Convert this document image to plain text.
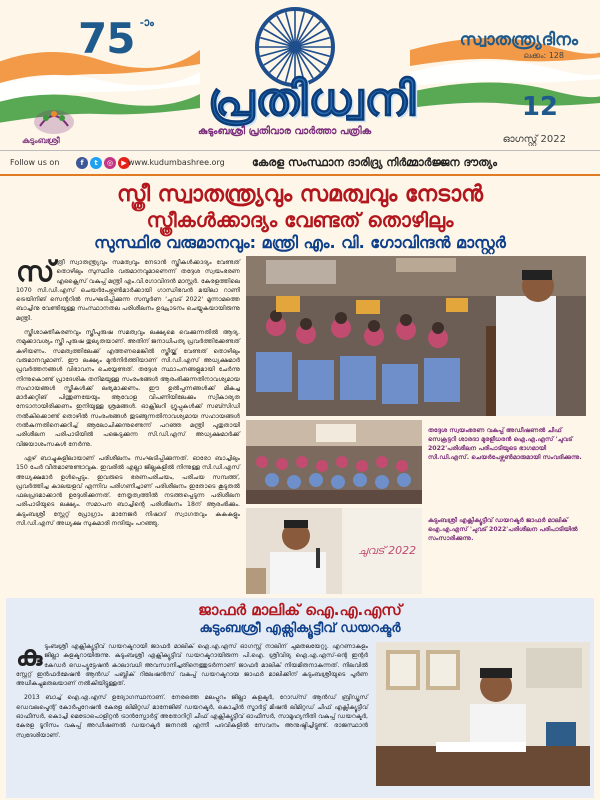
75 -ാം
സ്വാതന്ത്ര്യദിനം
ലക്കം: 128
കുടുംബശ്രീ
പ്രതിധ്വനി
കുടുംബശ്രീ പ്രതിവാര വാർത്താ പത്രിക
12
ഓഗസ്റ്റ് 2022
Follow us on	f	t	◎	▶ www.kudumbashree.org കേരള സംസ്ഥാന ദാരിദ്ര്യ നിർമ്മാർജ്ജന ദൗത്യം
സ്ത്രീ സ്വാതന്ത്ര്യവും സമത്വവും നേടാൻ
സ്ത്രീകൾക്കാദ്യം വേണ്ടത് തൊഴിലും
സുസ്ഥിര വരുമാനവും: മന്ത്രി എം. വി. ഗോവിന്ദൻ മാസ്റ്റർ

സ്ത്രീ സ്വാതന്ത്ര്യവും സമത്വവും നേടാൻ സ്ത്രീകൾക്കാദ്യം വേണ്ടത് തൊഴിലും സുസ്ഥിര വരുമാനവുമാണെന്ന് തദ്ദേശ സ്വയംഭരണ എക്സൈസ് വകുപ്പ് മന്ത്രി എം.വി.ഗോവിന്ദൻ മാസ്റ്റർ. കേരളത്തിലെ 1070 സി.ഡി.എസ് ചെയർപേഴ്സൺമാർക്കായി ഗാന്ധിഭവൻ മയിലാ റാണി ട്രെയിനിങ് സെന്ററിൽ സംഘടിപ്പിക്കുന്ന സമ്പൂർണ 'ചുവട് 2022' മൂന്നാമത്തെ ബാച്ചിനു വേണ്ടിയുള്ള സംസ്ഥാനതല പരിശീലനം ഉദ്ഘാടനം ചെയ്യുകയായിരുന്നു മന്ത്രി.

സ്ത്രീശാക്തീകരണവും സ്ത്രീപുരുഷ സമത്വവും ലക്ഷ്യമെ വെക്കുന്നതിൽ ആദ്യ. നമുക്കാവശ്യം സ്ത്രീ പുരുഷ തുല്യതയാണ്. അതിന് ജനാധിപത്യ പ്രവർത്തിക്കേണ്ടത് കഴിയണം. സമത്വത്തിലേക്ക് എത്തണമെങ്കിൽ സ്ത്രീയ്ക്ക് വേണ്ടത് തൊഴിലും വരുമാനവുമാണ്. ഈ ലക്ഷ്യം മുൻനിർത്തിയാണ് സി.ഡി.എസ് അധ്യക്ഷമാർ പ്രവർത്തനങ്ങൾ വിഭാവനം ചെയ്യേണ്ടത്. തദ്ദേശ സ്ഥാപനങ്ങളുമായി ചേർന്നു നിന്നുകൊണ്ട് പ്രാദേശിക തനിമയുള്ള സംരംഭങ്ങൾ ആരംഭിക്കുന്നതിനാവശ്യമായ സഹായങ്ങൾ സ്ത്രീകൾക്ക് ലഭ്യമാക്കണം. ഈ ഉൽപ്പന്നങ്ങൾക്ക് മികച്ച മാർക്കറ്റിങ് പിന്തുണയേയും ആവോള വിപണിയിലേക്കും സ്വീകാര്യത നേടാനായിരിക്കണം ഇനിയുള്ള ശ്രമങ്ങൾ. ഓക്സിലറി ഗ്രൂപ്പുകൾക്ക് സബ്സിഡി നൽകിക്കൊണ്ട് തൊഴിൽ സംരംഭങ്ങൾ തുടങ്ങുന്നതിനാവശ്യമായ സഹായങ്ങൾ നൽകുന്നതിനെക്കുറിച്ച് ആലോചിക്കുന്നുണ്ടെന്ന് പറഞ്ഞ മന്ത്രി പുതുതായി പരിശീലന പരിപാടിയിൽ പങ്കെടുക്കുന്ന സി.ഡി.എസ് അധ്യക്ഷമാർക്ക് വിജയാശംസകൾ നേർന്നു.

ഏഴ് ബാച്ചുകളിലായാണ് പരിശീലനം സംഘടിപ്പിക്കുന്നത്. ഓരോ ബാച്ചിലും 150 പേർ വീതമാണുണ്ടാവുക. ഇവരിൽ എല്ലാ ജില്ലകളിൽ നിന്നുള്ള സി.ഡി.എസ് അധ്യക്ഷമാർ ഉൾപ്പെടും. ഇവരുടെ ഭരണപരിചയം, പരിചയ സമ്പത്ത്, പ്രവർത്തിച്ച കാലയളവ് എന്നിവ പരിഗണിച്ചാണ് പരിശീലനം ഇതോടെ കൂടുതൽ ഫലപ്രദമാക്കാൻ ഉദ്ദേശിക്കുന്നത്. നേതൃത്വത്തിൽ നടത്തപ്പെടുന്ന പരിശീലന പരിപാടിയുടെ ലക്ഷ്യം. സമാപന ബാച്ചിന്റെ പരിശീലനം 18ന് ആരംഭിക്കും. കുടുംബശ്രീ സ്റ്റേറ്റ് പ്രോഗ്രാം മാനേജർ നിഷാദ് സ്വാഗതവും കകകളും സി.ഡി.എസ് അധ്യക്ഷ സുകുമാരി നന്ദിയും പറഞ്ഞു.

തദ്ദേശ സ്വയംഭരണ വകുപ്പ് അഡീഷണൽ ചീഫ് സെക്രട്ടറി ശാരദാ മുരളീധരൻ ഐ.എ.എസ് 'ചുവട് 2022'പരിശീലന പരിപാടിയുടെ ഭാഗമായി സി.ഡി.എസ്. ചെയർപേഴ്സൺമാരുമായി സംവദിക്കുന്നു.
ചുവട് 2022
കുടുംബശ്രീ എക്സിക്യൂട്ടീവ് ഡയറക്ടർ ജാഫർ മാലിക് ഐ.എ.എസ് 'ചുവട് 2022'പരിശീലന പരിപാടിയിൽ സംസാരിക്കുന്നു.
ജാഫർ മാലിക് ഐ.എ.എസ്
കുടുംബശ്രീ എക്സിക്യൂട്ടീവ് ഡയറക്ടർ

കുടുംബശ്രീ എക്സിക്യൂട്ടീവ് ഡയറക്ടറായി ജാഫർ മാലിക് ഐ.എ.എസ് ഓഗസ്റ്റ് നാലിന് ചുമതലയേറ്റു. എറണാകുളം ജില്ലാ കളക്ടറായിരുന്നു. കുടുംബശ്രീ എക്സിക്യൂട്ടീവ് ഡയറക്ടറായിരുന്ന പി.ഐ. ശ്രീവിദ്യ ഐ.എ.എസ്-ന്റെ ഇന്റർ കേഡർ ഡെപ്യൂട്ടേഷൻ കാലാവധി അവസാനിച്ചതിനെത്തുടർന്നാണ് ജാഫർ മാലിക് നിയമിതനാകുന്നത്. നിലവിൽ സ്റ്റേറ്റ് ഇൻഫർമേഷൻ ആൻഡ് പബ്ലിക് റിലേഷൻസ് വകുപ്പ് ഡയറക്ടറായ ജാഫർ മാലിക്കിന് കുടുംബശ്രീയുടെ പൂർണ അധികച്ചുമതലയാണ് നൽകിയിട്ടുള്ളത്.

2013 ബാച്ച് ഐ.എ.എസ് ഉദ്യോഗസ്ഥനാണ്. നേരത്തെ മലപ്പുറം ജില്ലാ കളക്ടർ, റോഡ്സ് ആൻഡ് ബ്രിഡ്ജസ് ഡെവലപ്മെന്റ് കോർപ്പറേഷൻ കേരള ലിമിറ്റഡ് മാനേജിങ് ഡയറക്ടർ, കൊച്ചിൻ സ്മാർട്ട് മിഷൻ ലിമിറ്റഡ് ചീഫ് എക്സിക്യൂട്ടീവ് ഓഫീസർ, കൊച്ചി മെട്രോപൊളിറ്റൻ ട്രാൻസ്പോർട്ട് അതോറിറ്റി ചീഫ് എക്സിക്യൂട്ടീവ് ഓഫീസർ, സാമൂഹ്യനീതി വകുപ്പ് ഡയറക്ടർ, കേരള ടൂറിസം വകുപ്പ് അഡീഷണൽ ഡയറക്ടർ ജനറൽ എന്നീ പദവികളിൽ സേവനം അനുഷ്ഠിച്ചിട്ടുണ്ട്. രാജസ്ഥാൻ സ്വദേശിയാണ്.
